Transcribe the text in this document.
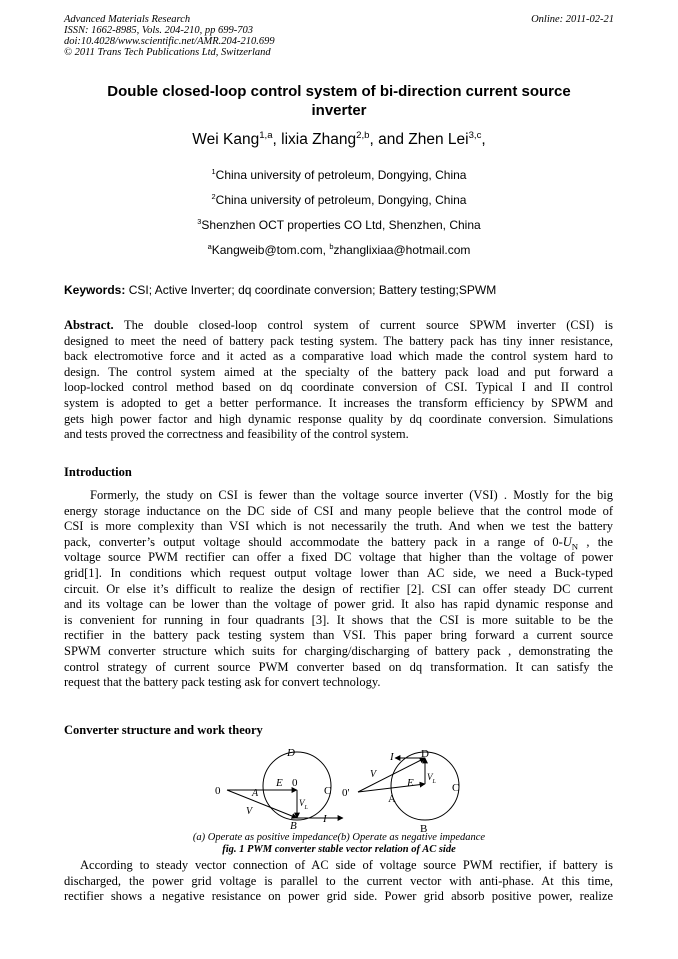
Advanced Materials Research
ISSN: 1662-8985, Vols. 204-210, pp 699-703
doi:10.4028/www.scientific.net/AMR.204-210.699
© 2011 Trans Tech Publications Ltd, Switzerland
Online: 2011-02-21
Double closed-loop control system of bi-direction current source
inverter
Wei Kang$^{1,a}$, lixia Zhang$^{2,b}$, and Zhen Lei$^{3,c}$,
$^1$China university of petroleum, Dongying, China
$^2$China university of petroleum, Dongying, China
$^3$Shenzhen OCT properties CO Ltd, Shenzhen, China
$^a$Kangweib@tom.com, $^b$zhanglixiaa@hotmail.com
Keywords: CSI; Active Inverter; dq coordinate conversion; Battery testing;SPWM
Abstract. The double closed-loop control system of current source SPWM inverter (CSI) is
designed to meet the need of battery pack testing system. The battery pack has tiny inner resistance,
back electromotive force and it acted as a comparative load which made the control system hard to
design. The control system aimed at the specialty of the battery pack load and put forward a
loop-locked control method based on dq coordinate conversion of CSI. Typical I and II control
system is adopted to get a better performance. It increases the transform efficiency by SPWM and
gets high power factor and high dynamic response quality by dq coordinate conversion. Simulations
and tests proved the correctness and feasibility of the control system.
Introduction
Formerly, the study on CSI is fewer than the voltage source inverter (VSI) . Mostly for the big
energy storage inductance on the DC side of CSI and many people believe that the control mode of
CSI is more complexity than VSI which is not necessarily the truth. And when we test the battery
pack, converter’s output voltage should accommodate the battery pack in a range of $0-U_N$ , the
voltage source PWM rectifier can offer a fixed DC voltage that higher than the voltage of power
grid[1]. In conditions which request output voltage lower than AC side, we need a Buck-typed
circuit. Or else it’s difficult to realize the design of rectifier [2]. CSI can offer steady DC current
and its voltage can be lower than the voltage of power grid. It also has rapid dynamic response and
is convenient for running in four quadrants [3]. It shows that the CSI is more suitable to be the
rectifier in the battery pack testing system than VSI. This paper bring forward a current source
SPWM converter structure which suits for charging/discharging of battery pack , demonstrating the
control strategy of current source PWM converter based on dq transformation. It can satisfy the
request that the battery pack testing ask for convert technology.
Converter structure and work theory
D
0
0
E
A
V
$V_L$
B
C
I
I D
V
0'
E $V_L$
A
C
B
(a) Operate as positive impedance(b) Operate as negative impedance
fig. 1 PWM converter stable vector relation of AC side
According to steady vector connection of AC side of voltage source PWM rectifier, if battery is
discharged, the power grid voltage is parallel to the current vector with anti-phase. At this time,
rectifier shows a negative resistance on power grid side. Power grid absorb positive power, realize
